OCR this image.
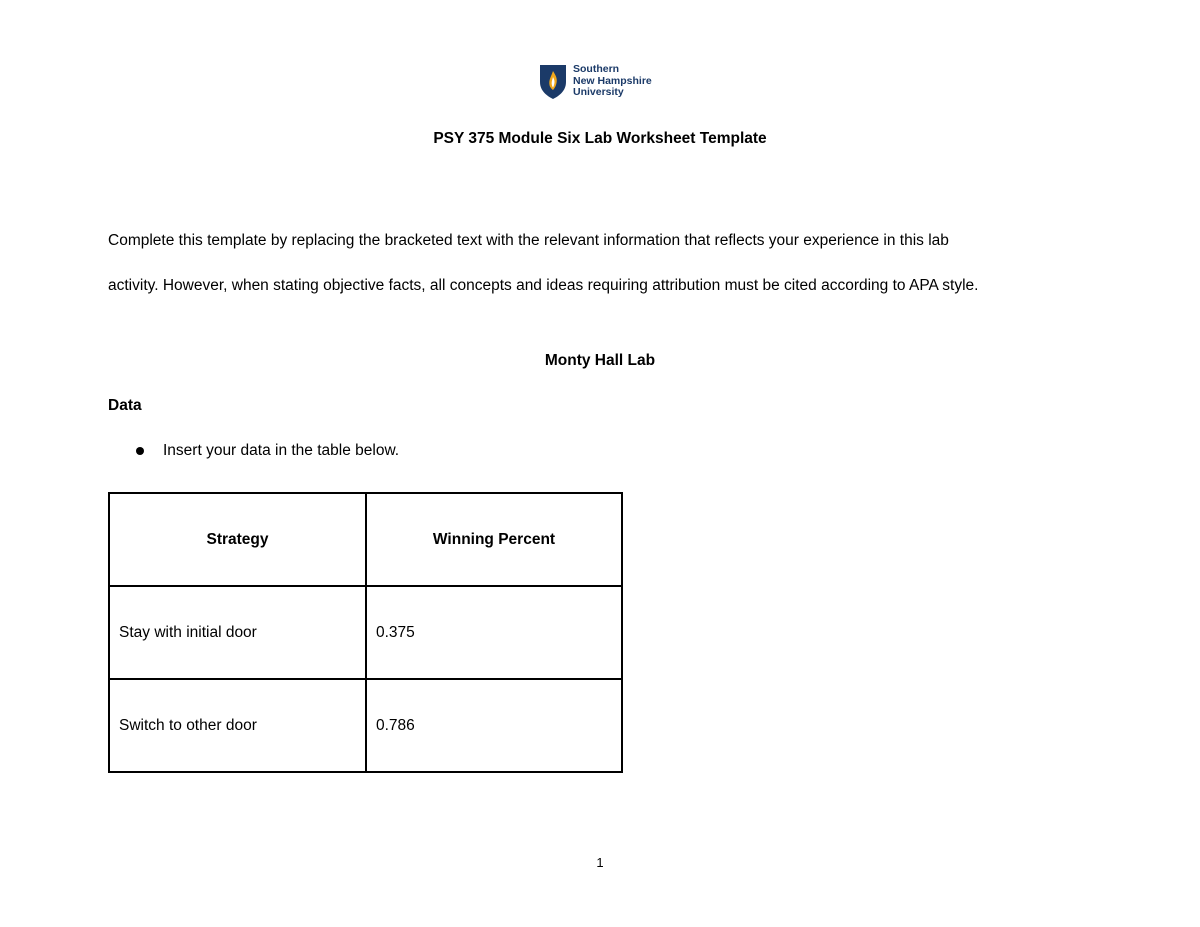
Southern
New Hampshire
University
PSY 375 Module Six Lab Worksheet Template

Complete this template by replacing the bracketed text with the relevant information that reflects your experience in this lab

activity. However, when stating objective facts, all concepts and ideas requiring attribution must be cited according to APA style.

Monty Hall Lab
Data
Insert your data in the table below.
Strategy	Winning Percent
Stay with initial door	0.375
Switch to other door	0.786
1
